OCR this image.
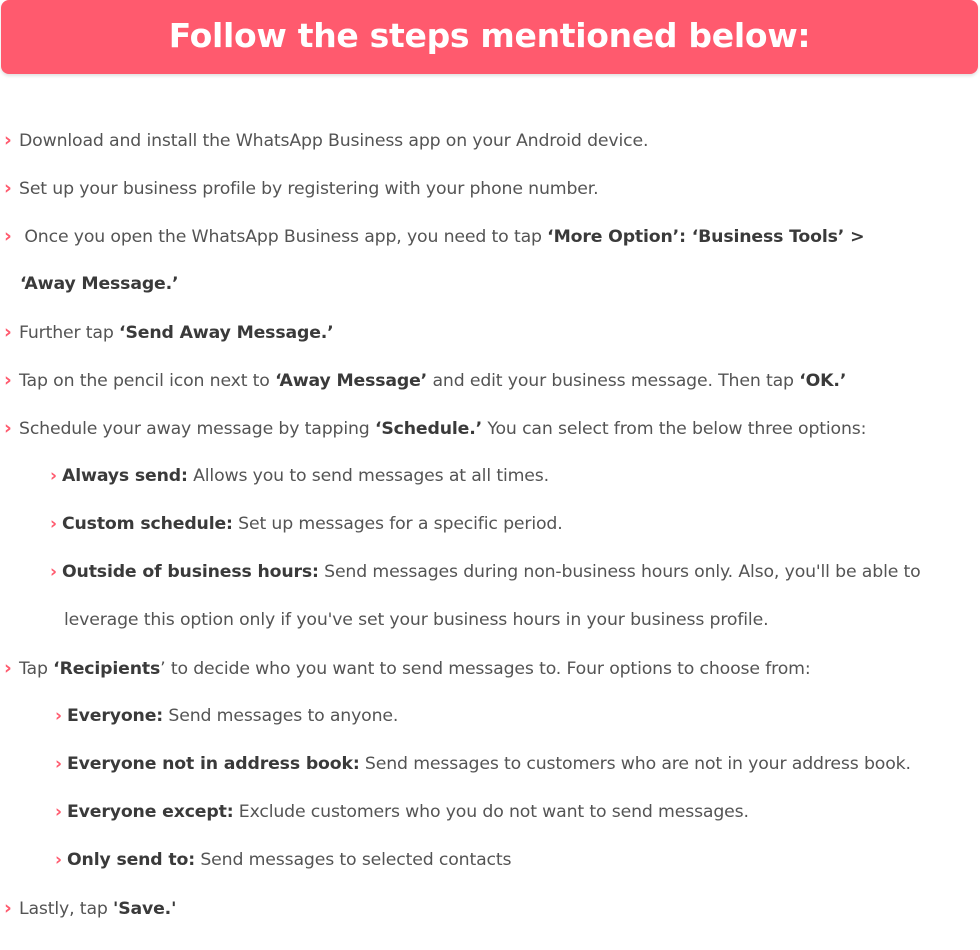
Follow the steps mentioned below:
› Download and install the WhatsApp Business app on your Android device.
› Set up your business profile by registering with your phone number.
› Once you open the WhatsApp Business app, you need to tap ‘More Option’: ‘Business Tools’ >
‘Away Message.’
› Further tap ‘Send Away Message.’
› Tap on the pencil icon next to ‘Away Message’ and edit your business message. Then tap ‘OK.’
› Schedule your away message by tapping ‘Schedule.’ You can select from the below three options:
› Always send: Allows you to send messages at all times.
› Custom schedule: Set up messages for a specific period.
› Outside of business hours: Send messages during non-business hours only. Also, you'll be able to
leverage this option only if you've set your business hours in your business profile.
› Tap ‘Recipients’ to decide who you want to send messages to. Four options to choose from:
› Everyone: Send messages to anyone.
› Everyone not in address book: Send messages to customers who are not in your address book.
› Everyone except: Exclude customers who you do not want to send messages.
› Only send to: Send messages to selected contacts
› Lastly, tap 'Save.'
